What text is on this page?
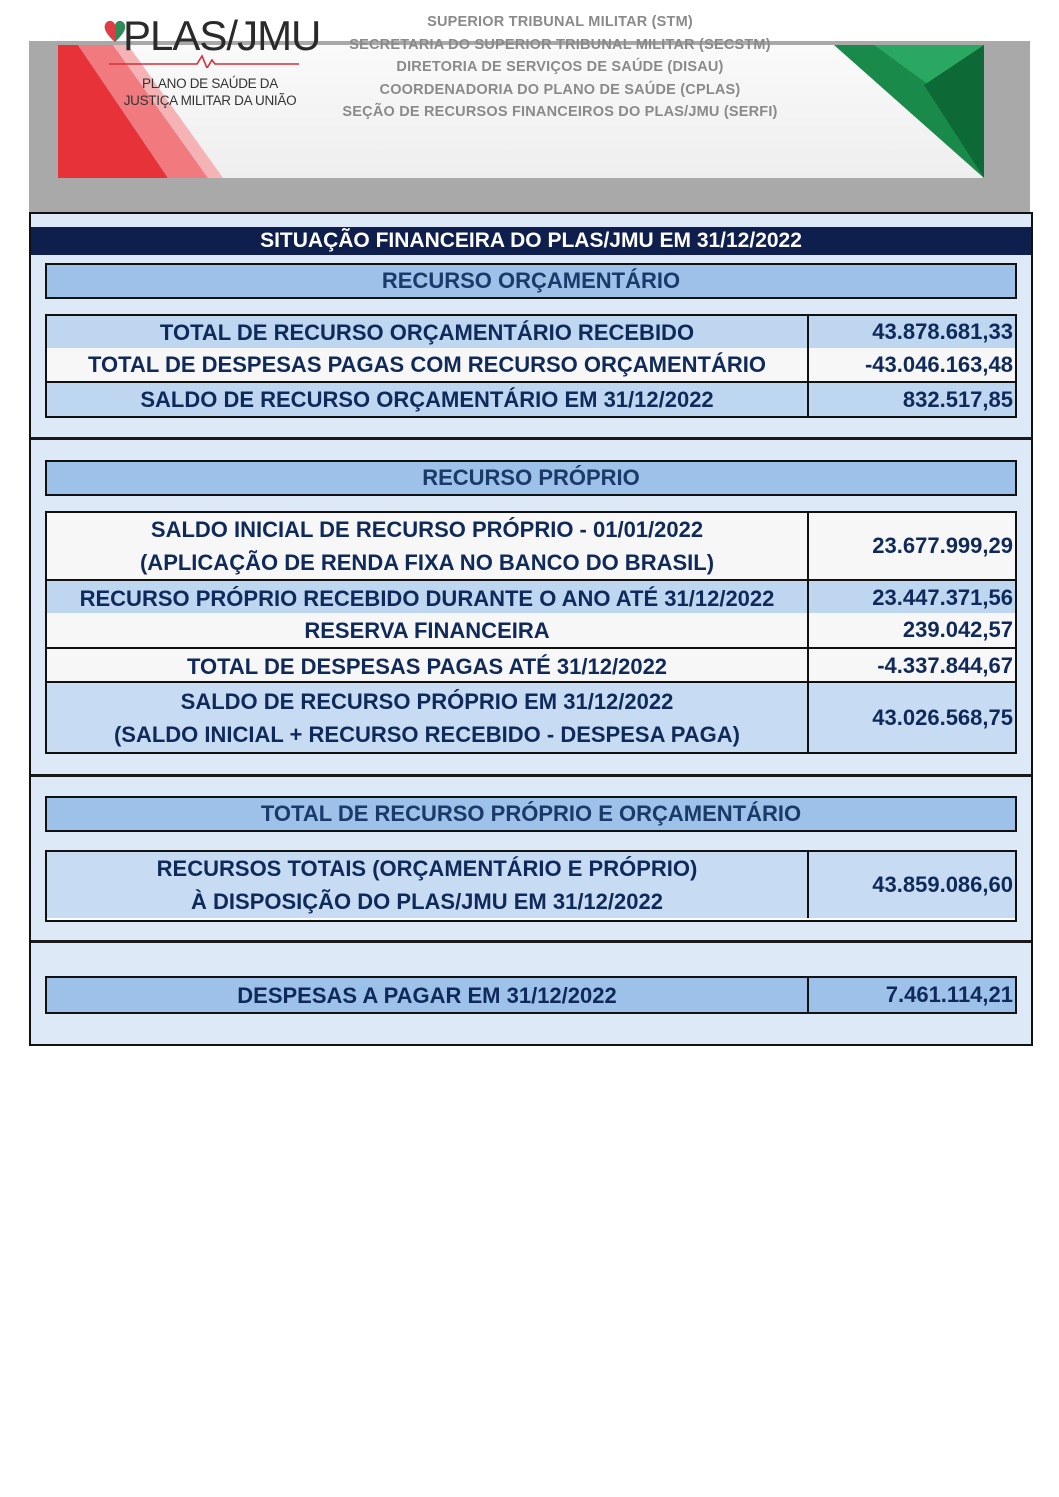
PLAS/JMU
PLANO DE SAÚDE DA
JUSTIÇA MILITAR DA UNIÃO
SUPERIOR TRIBUNAL MILITAR (STM)
SECRETARIA DO SUPERIOR TRIBUNAL MILITAR (SECSTM)
DIRETORIA DE SERVIÇOS DE SAÚDE (DISAU)
COORDENADORIA DO PLANO DE SAÚDE (CPLAS)
SEÇÃO DE RECURSOS FINANCEIROS DO PLAS/JMU (SERFI)
SITUAÇÃO FINANCEIRA DO PLAS/JMU EM 31/12/2022
RECURSO ORÇAMENTÁRIO
TOTAL DE RECURSO ORÇAMENTÁRIO RECEBIDO	43.878.681,33
TOTAL DE DESPESAS PAGAS COM RECURSO ORÇAMENTÁRIO	-43.046.163,48
SALDO DE RECURSO ORÇAMENTÁRIO EM 31/12/2022	832.517,85
RECURSO PRÓPRIO
SALDO INICIAL DE RECURSO PRÓPRIO - 01/01/2022
(APLICAÇÃO DE RENDA FIXA NO BANCO DO BRASIL)
23.677.999,29
RECURSO PRÓPRIO RECEBIDO DURANTE O ANO ATÉ 31/12/2022	23.447.371,56
RESERVA FINANCEIRA	239.042,57
TOTAL DE DESPESAS PAGAS ATÉ 31/12/2022	-4.337.844,67
SALDO DE RECURSO PRÓPRIO EM 31/12/2022
(SALDO INICIAL + RECURSO RECEBIDO - DESPESA PAGA)
43.026.568,75
TOTAL DE RECURSO PRÓPRIO E ORÇAMENTÁRIO
RECURSOS TOTAIS (ORÇAMENTÁRIO E PRÓPRIO)
À DISPOSIÇÃO DO PLAS/JMU EM 31/12/2022
43.859.086,60
DESPESAS A PAGAR EM 31/12/2022	7.461.114,21
